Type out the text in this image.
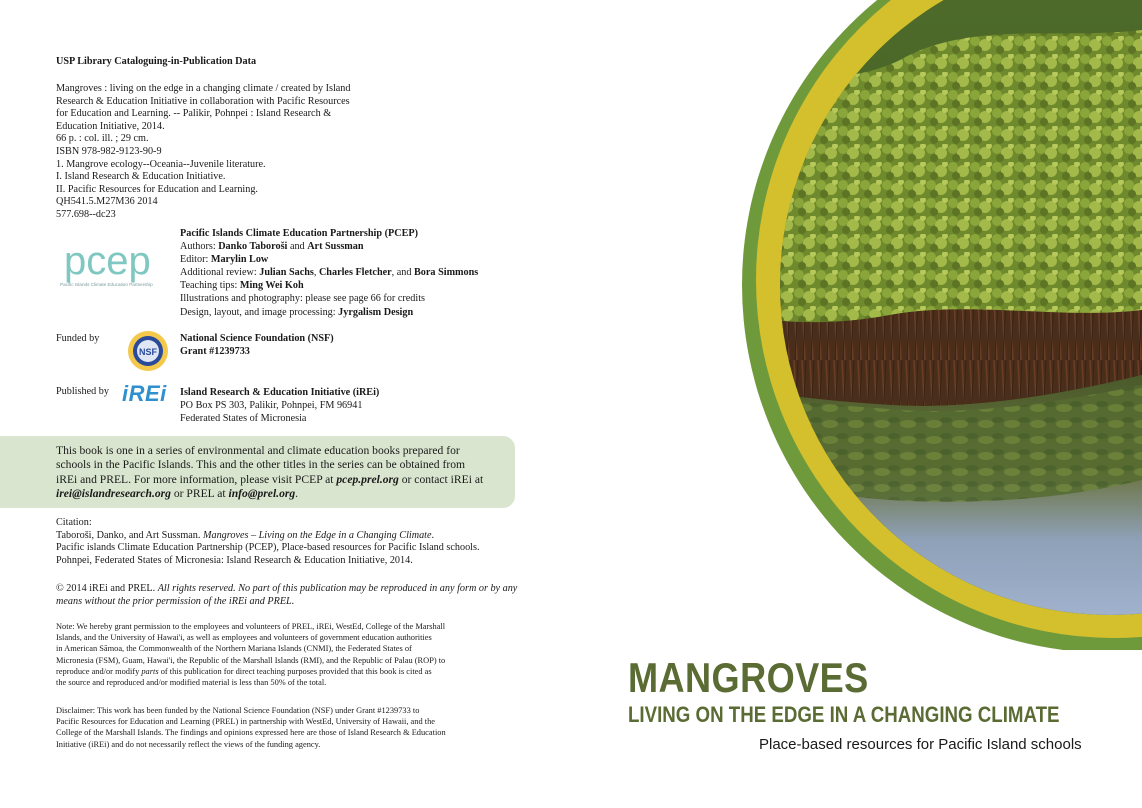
USP Library Cataloguing-in-Publication Data
Mangroves : living on the edge in a changing climate / created by Island
Research & Education Initiative in collaboration with Pacific Resources
for Education and Learning. -- Palikir, Pohnpei : Island Research &
Education Initiative, 2014.
66 p. : col. ill. ; 29 cm.
ISBN 978-982-9123-90-9
1. Mangrove ecology--Oceania--Juvenile literature.
I. Island Research & Education Initiative.
II. Pacific Resources for Education and Learning.
QH541.5.M27M36 2014
577.698--dc23
pcep
Pacific Islands Climate Education Partnership
Pacific Islands Climate Education Partnership (PCEP)
Authors: Danko Taboroši and Art Sussman
Editor: Marylin Low
Additional review: Julian Sachs, Charles Fletcher, and Bora Simmons
Teaching tips: Ming Wei Koh
Illustrations and photography: please see page 66 for credits
Design, layout, and image processing: Jyrgalism Design
Funded by
NSF
National Science Foundation (NSF)
Grant #1239733
Published by iREi Island Research & Education Initiative (iREi)
PO Box PS 303, Palikir, Pohnpei, FM 96941
Federated States of Micronesia
This book is one in a series of environmental and climate education books prepared for
schools in the Pacific Islands. This and the other titles in the series can be obtained from
iREi and PREL. For more information, please visit PCEP at pcep.prel.org or contact iREi at
irei@islandresearch.org or PREL at info@prel.org.
Citation:
Taboroši, Danko, and Art Sussman. Mangroves – Living on the Edge in a Changing Climate.
Pacific islands Climate Education Partnership (PCEP), Place-based resources for Pacific Island schools.
Pohnpei, Federated States of Micronesia: Island Research & Education Initiative, 2014.
© 2014 iREi and PREL. All rights reserved. No part of this publication may be reproduced in any form or by any
means without the prior permission of the iREi and PREL.
Note: We hereby grant permission to the employees and volunteers of PREL, iREi, WestEd, College of the Marshall
Islands, and the University of Hawai'i, as well as employees and volunteers of government education authorities
in American Sāmoa, the Commonwealth of the Northern Mariana Islands (CNMI), the Federated States of
Micronesia (FSM), Guam, Hawai'i, the Republic of the Marshall Islands (RMI), and the Republic of Palau (ROP) to
reproduce and/or modify parts of this publication for direct teaching purposes provided that this book is cited as
the source and reproduced and/or modified material is less than 50% of the total.
Disclaimer: This work has been funded by the National Science Foundation (NSF) under Grant #1239733 to
Pacific Resources for Education and Learning (PREL) in partnership with WestEd, University of Hawaii, and the
College of the Marshall Islands. The findings and opinions expressed here are those of Island Research & Education
Initiative (iREi) and do not necessarily reflect the views of the funding agency.
MANGROVES
LIVING ON THE EDGE IN A CHANGING CLIMATE
Place-based resources for Pacific Island schools
